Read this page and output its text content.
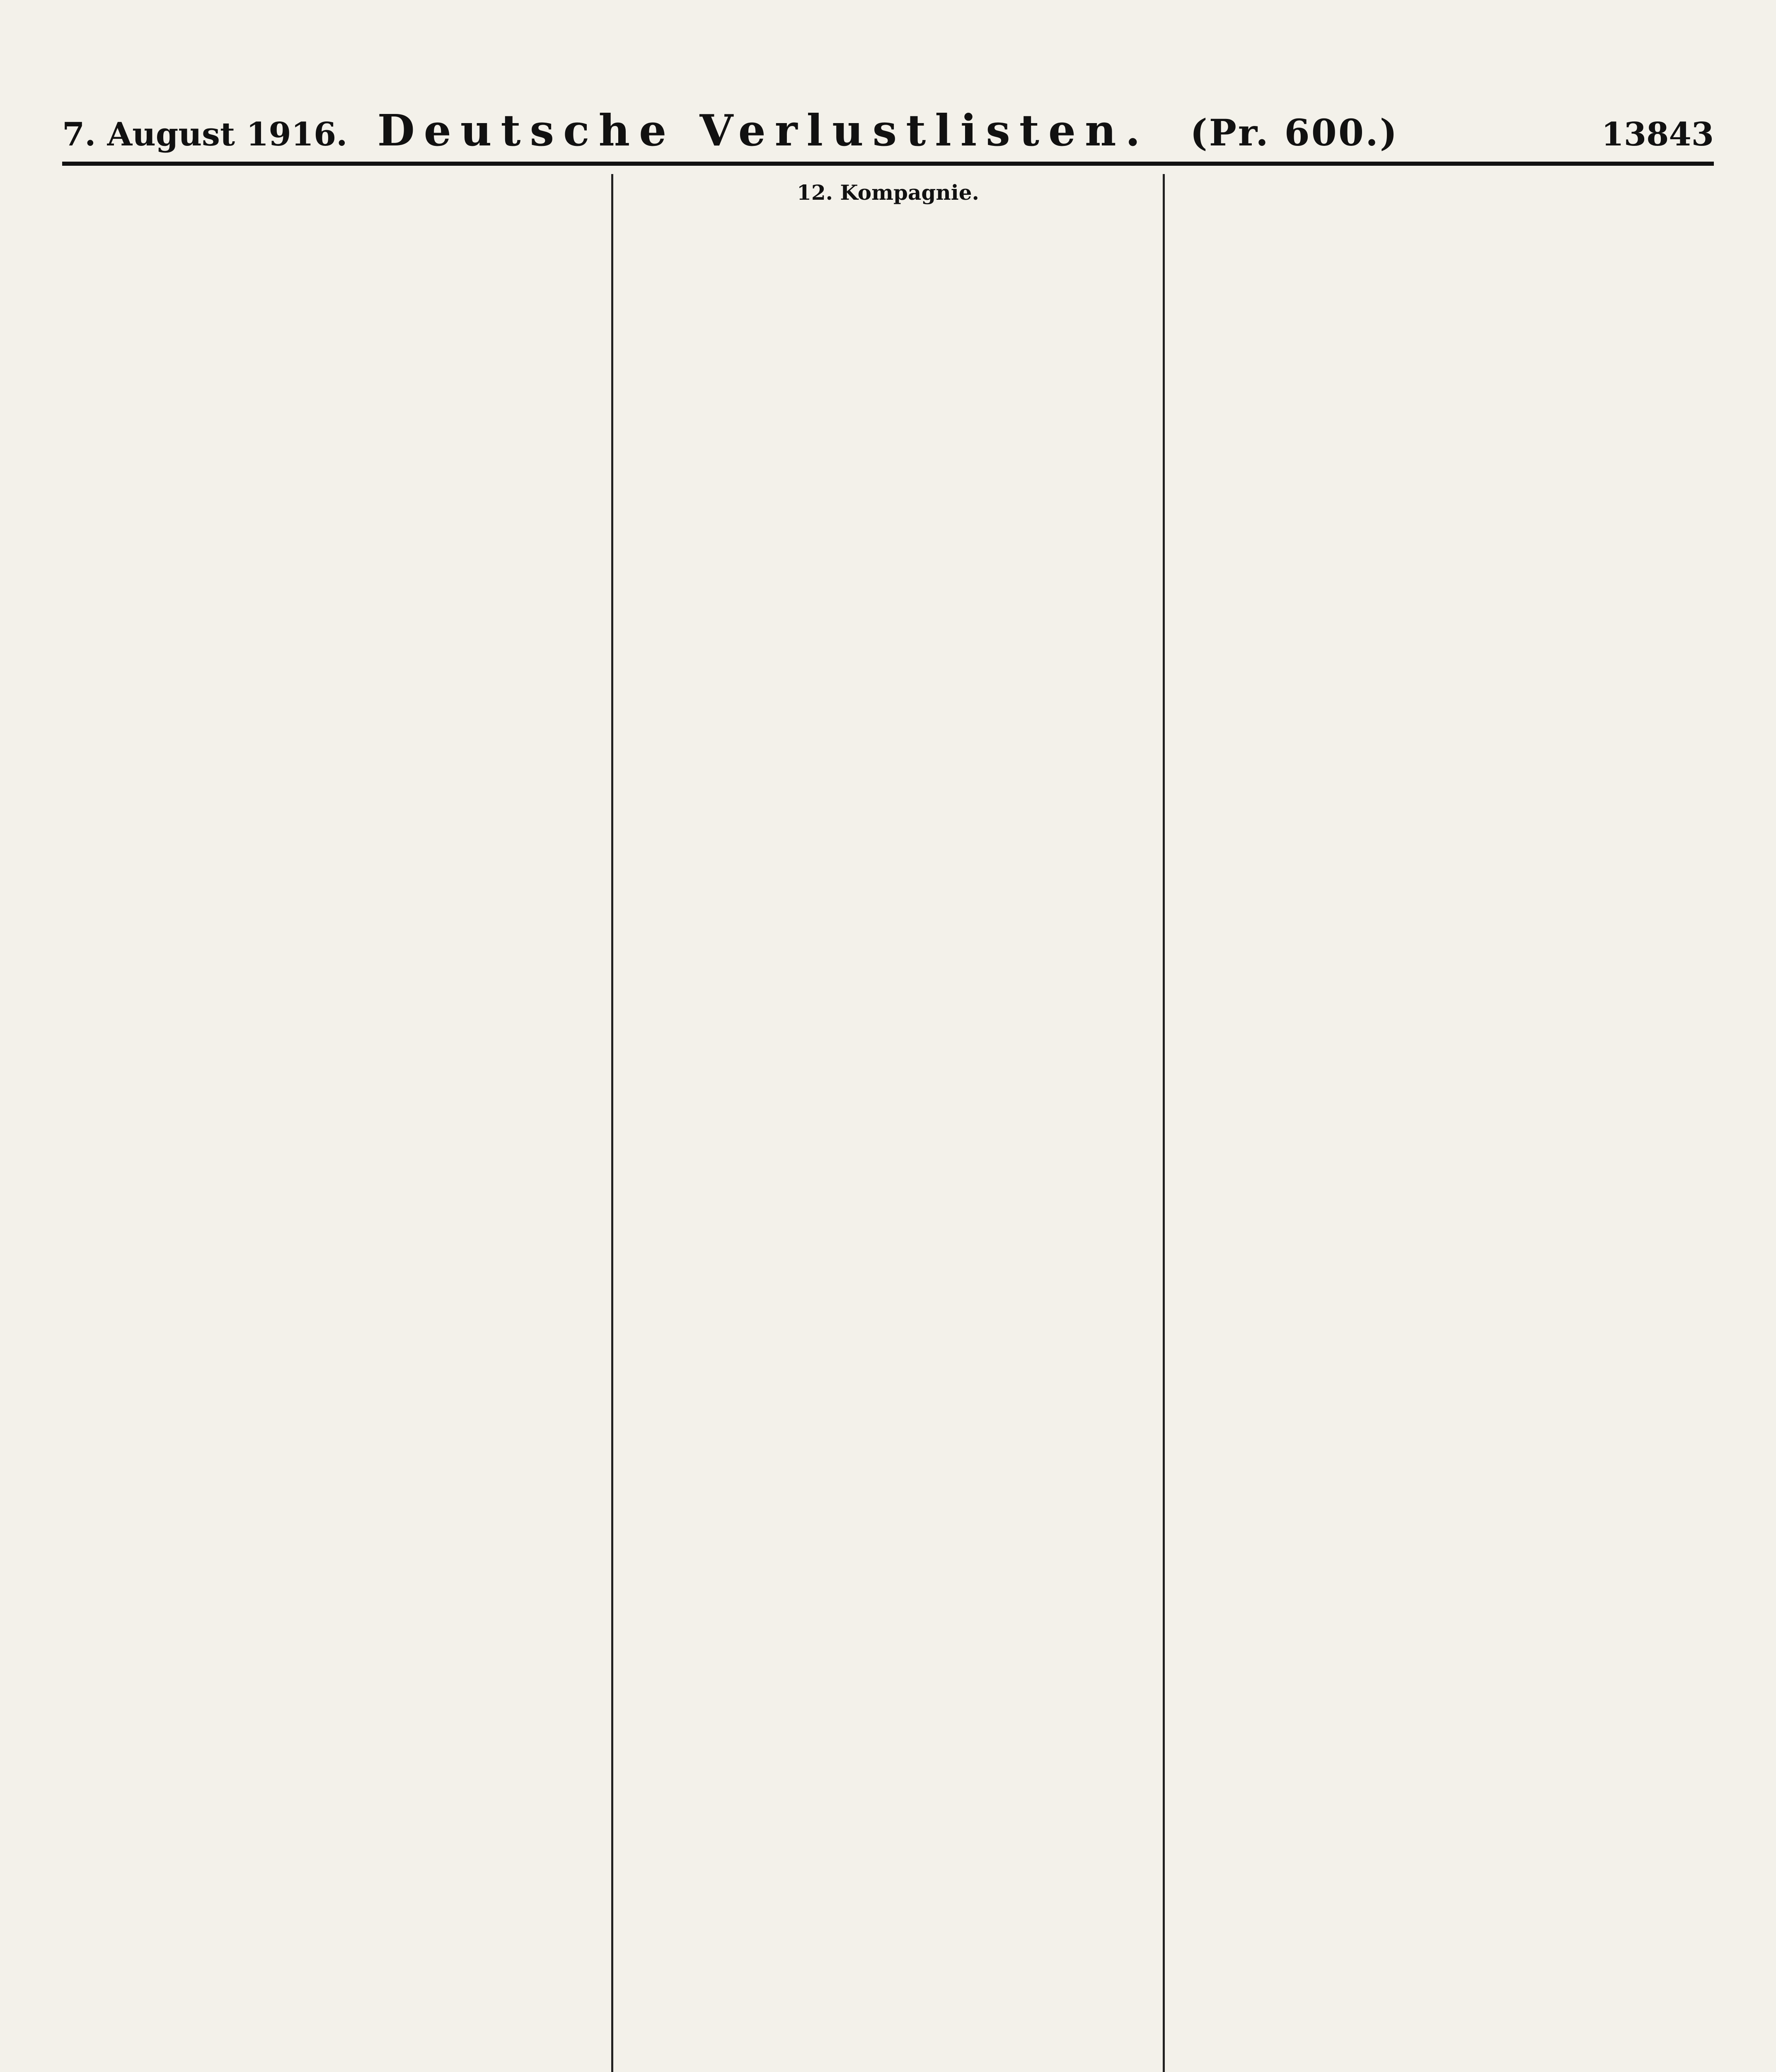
7. August 1916. Deutsche Verlustlisten. (Pr. 600.)	13843
12. Kompagnie.
